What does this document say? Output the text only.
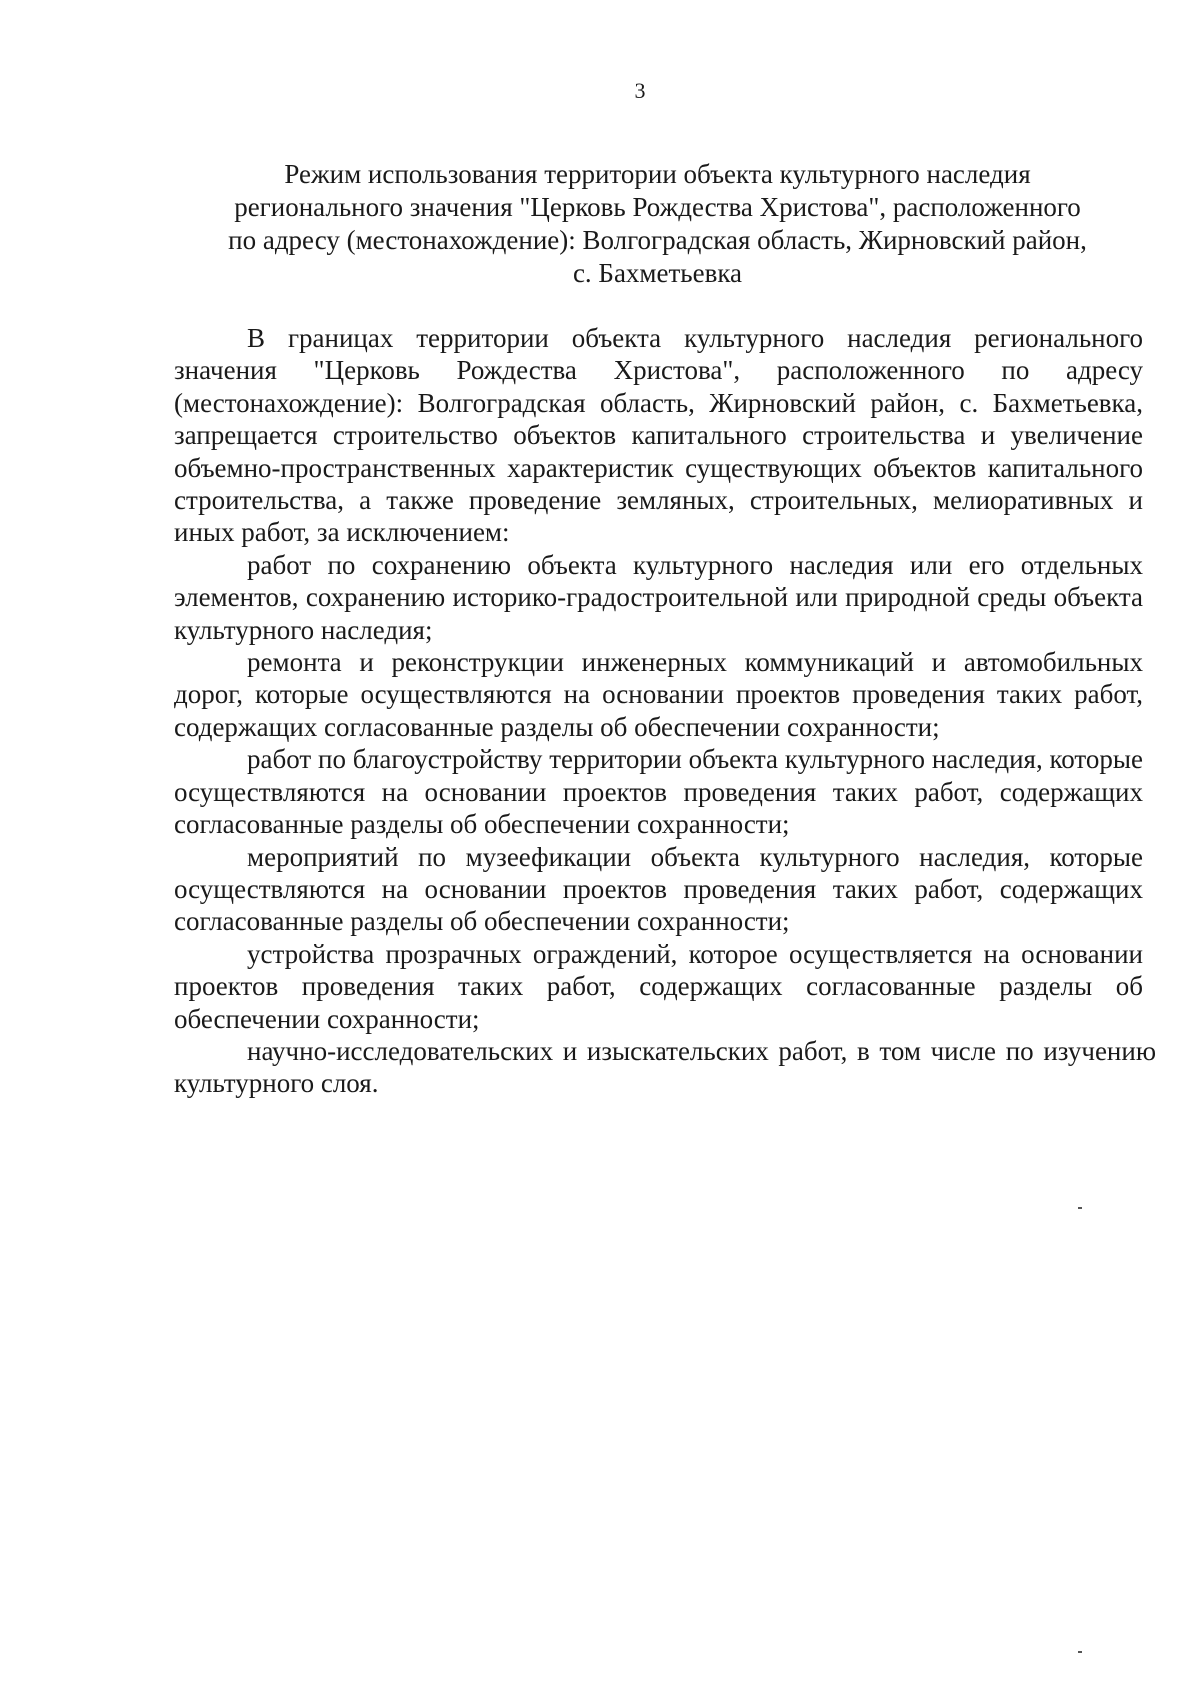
3
Режим использования территории объекта культурного наследия
регионального значения "Церковь Рождества Христова", расположенного
по адресу (местонахождение): Волгоградская область, Жирновский район,
с. Бахметьевка

В границах территории объекта культурного наследия регионального значения "Церковь Рождества Христова", расположенного по адресу (местонахождение): Волгоградская область, Жирновский район, с. Бахметьевка, запрещается строительство объектов капитального строительства и увеличение объемно-пространственных характеристик существующих объектов капитального строительства, а также проведение земляных, строительных, мелиоративных и иных работ, за исключением:

работ по сохранению объекта культурного наследия или его отдельных элементов, сохранению историко-градостроительной или природной среды объекта культурного наследия;

ремонта и реконструкции инженерных коммуникаций и автомобильных дорог, которые осуществляются на основании проектов проведения таких работ, содержащих согласованные разделы об обеспечении сохранности;

работ по благоустройству территории объекта культурного наследия, которые осуществляются на основании проектов проведения таких работ, содержащих согласованные разделы об обеспечении сохранности;

мероприятий по музеефикации объекта культурного наследия, которые осуществляются на основании проектов проведения таких работ, содержащих согласованные разделы об обеспечении сохранности;

устройства прозрачных ограждений, которое осуществляется на основании проектов проведения таких работ, содержащих согласованные разделы об обеспечении сохранности;

научно-исследовательских и изыскательских работ, в том числе по изучению культурного слоя.
